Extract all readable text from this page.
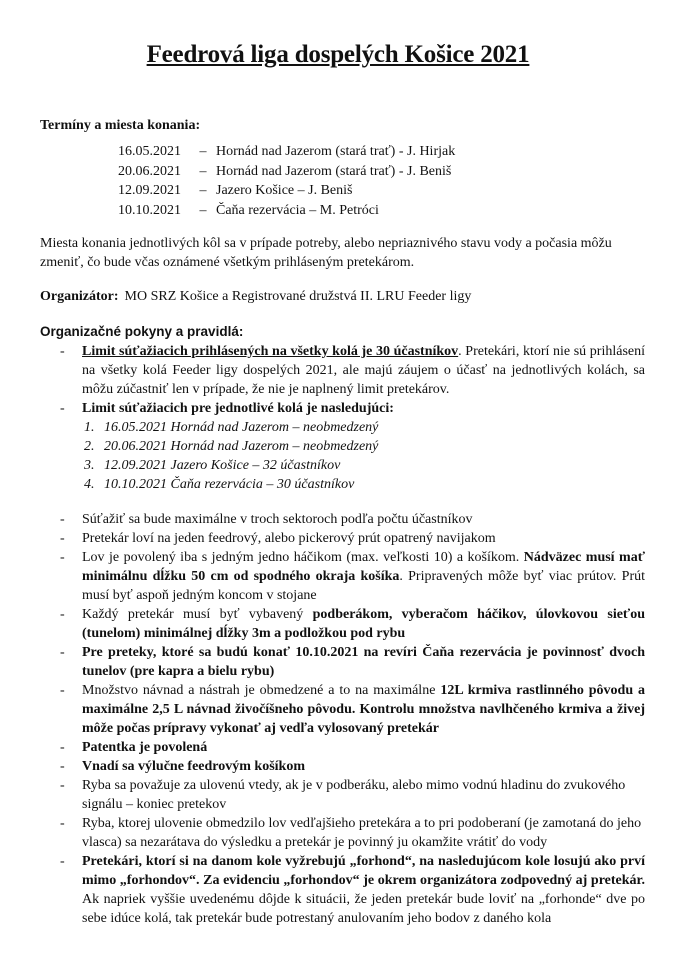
Feedrová liga dospelých Košice 2021
Termíny a miesta konania:
16.05.2021 – Hornád nad Jazerom (stará trať) - J. Hirjak
20.06.2021 – Hornád nad Jazerom (stará trať) - J. Beniš
12.09.2021 – Jazero Košice – J. Beniš
10.10.2021 – Čaňa rezervácia – M. Petróci
Miesta konania jednotlivých kôl sa v prípade potreby, alebo nepriaznivého stavu vody a počasia môžu zmeniť, čo bude včas oznámené všetkým prihláseným pretekárom.
Organizátor: MO SRZ Košice a Registrované družstvá II. LRU Feeder ligy
Organizačné pokyny a pravidlá:
- Limit súťažiacich prihlásených na všetky kolá je 30 účastníkov. Pretekári, ktorí nie sú prihlásení na všetky kolá Feeder ligy dospelých 2021, ale majú záujem o účasť na jednotlivých kolách, sa môžu zúčastniť len v prípade, že nie je naplnený limit pretekárov.
- Limit súťažiacich pre jednotlivé kolá je nasledujúci:
1. 16.05.2021 Hornád nad Jazerom – neobmedzený
2. 20.06.2021 Hornád nad Jazerom – neobmedzený
3. 12.09.2021 Jazero Košice – 32 účastníkov
4. 10.10.2021 Čaňa rezervácia – 30 účastníkov
- Súťažiť sa bude maximálne v troch sektoroch podľa počtu účastníkov
- Pretekár loví na jeden feedrový, alebo pickerový prút opatrený navijakom
- Lov je povolený iba s jedným jedno háčikom (max. veľkosti 10) a košíkom. Nádväzec musí mať minimálnu dĺžku 50 cm od spodného okraja košíka. Pripravených môže byť viac prútov. Prút musí byť aspoň jedným koncom v stojane
- Každý pretekár musí byť vybavený podberákom, vyberačom háčikov, úlovkovou sieťou (tunelom) minimálnej dĺžky 3m a podložkou pod rybu
- Pre preteky, ktoré sa budú konať 10.10.2021 na revíri Čaňa rezervácia je povinnosť dvoch tunelov (pre kapra a bielu rybu)
- Množstvo návnad a nástrah je obmedzené a to na maximálne 12L krmiva rastlinného pôvodu a maximálne 2,5 L návnad živočíšneho pôvodu. Kontrolu množstva navlhčeného krmiva a živej môže počas prípravy vykonať aj vedľa vylosovaný pretekár
- Patentka je povolená
- Vnadí sa výlučne feedrovým košíkom
- Ryba sa považuje za ulovenú vtedy, ak je v podberáku, alebo mimo vodnú hladinu do zvukového signálu – koniec pretekov
- Ryba, ktorej ulovenie obmedzilo lov vedľajšieho pretekára a to pri podoberaní (je zamotaná do jeho vlasca) sa nezarátava do výsledku a pretekár je povinný ju okamžite vrátiť do vody
- Pretekári, ktorí si na danom kole vyžrebujú „forhond“, na nasledujúcom kole losujú ako prví mimo „forhondov“. Za evidenciu „forhondov“ je okrem organizátora zodpovedný aj pretekár. Ak napriek vyššie uvedenému dôjde k situácii, že jeden pretekár bude loviť na „forhonde“ dve po sebe idúce kolá, tak pretekár bude potrestaný anulovaním jeho bodov z daného kola
